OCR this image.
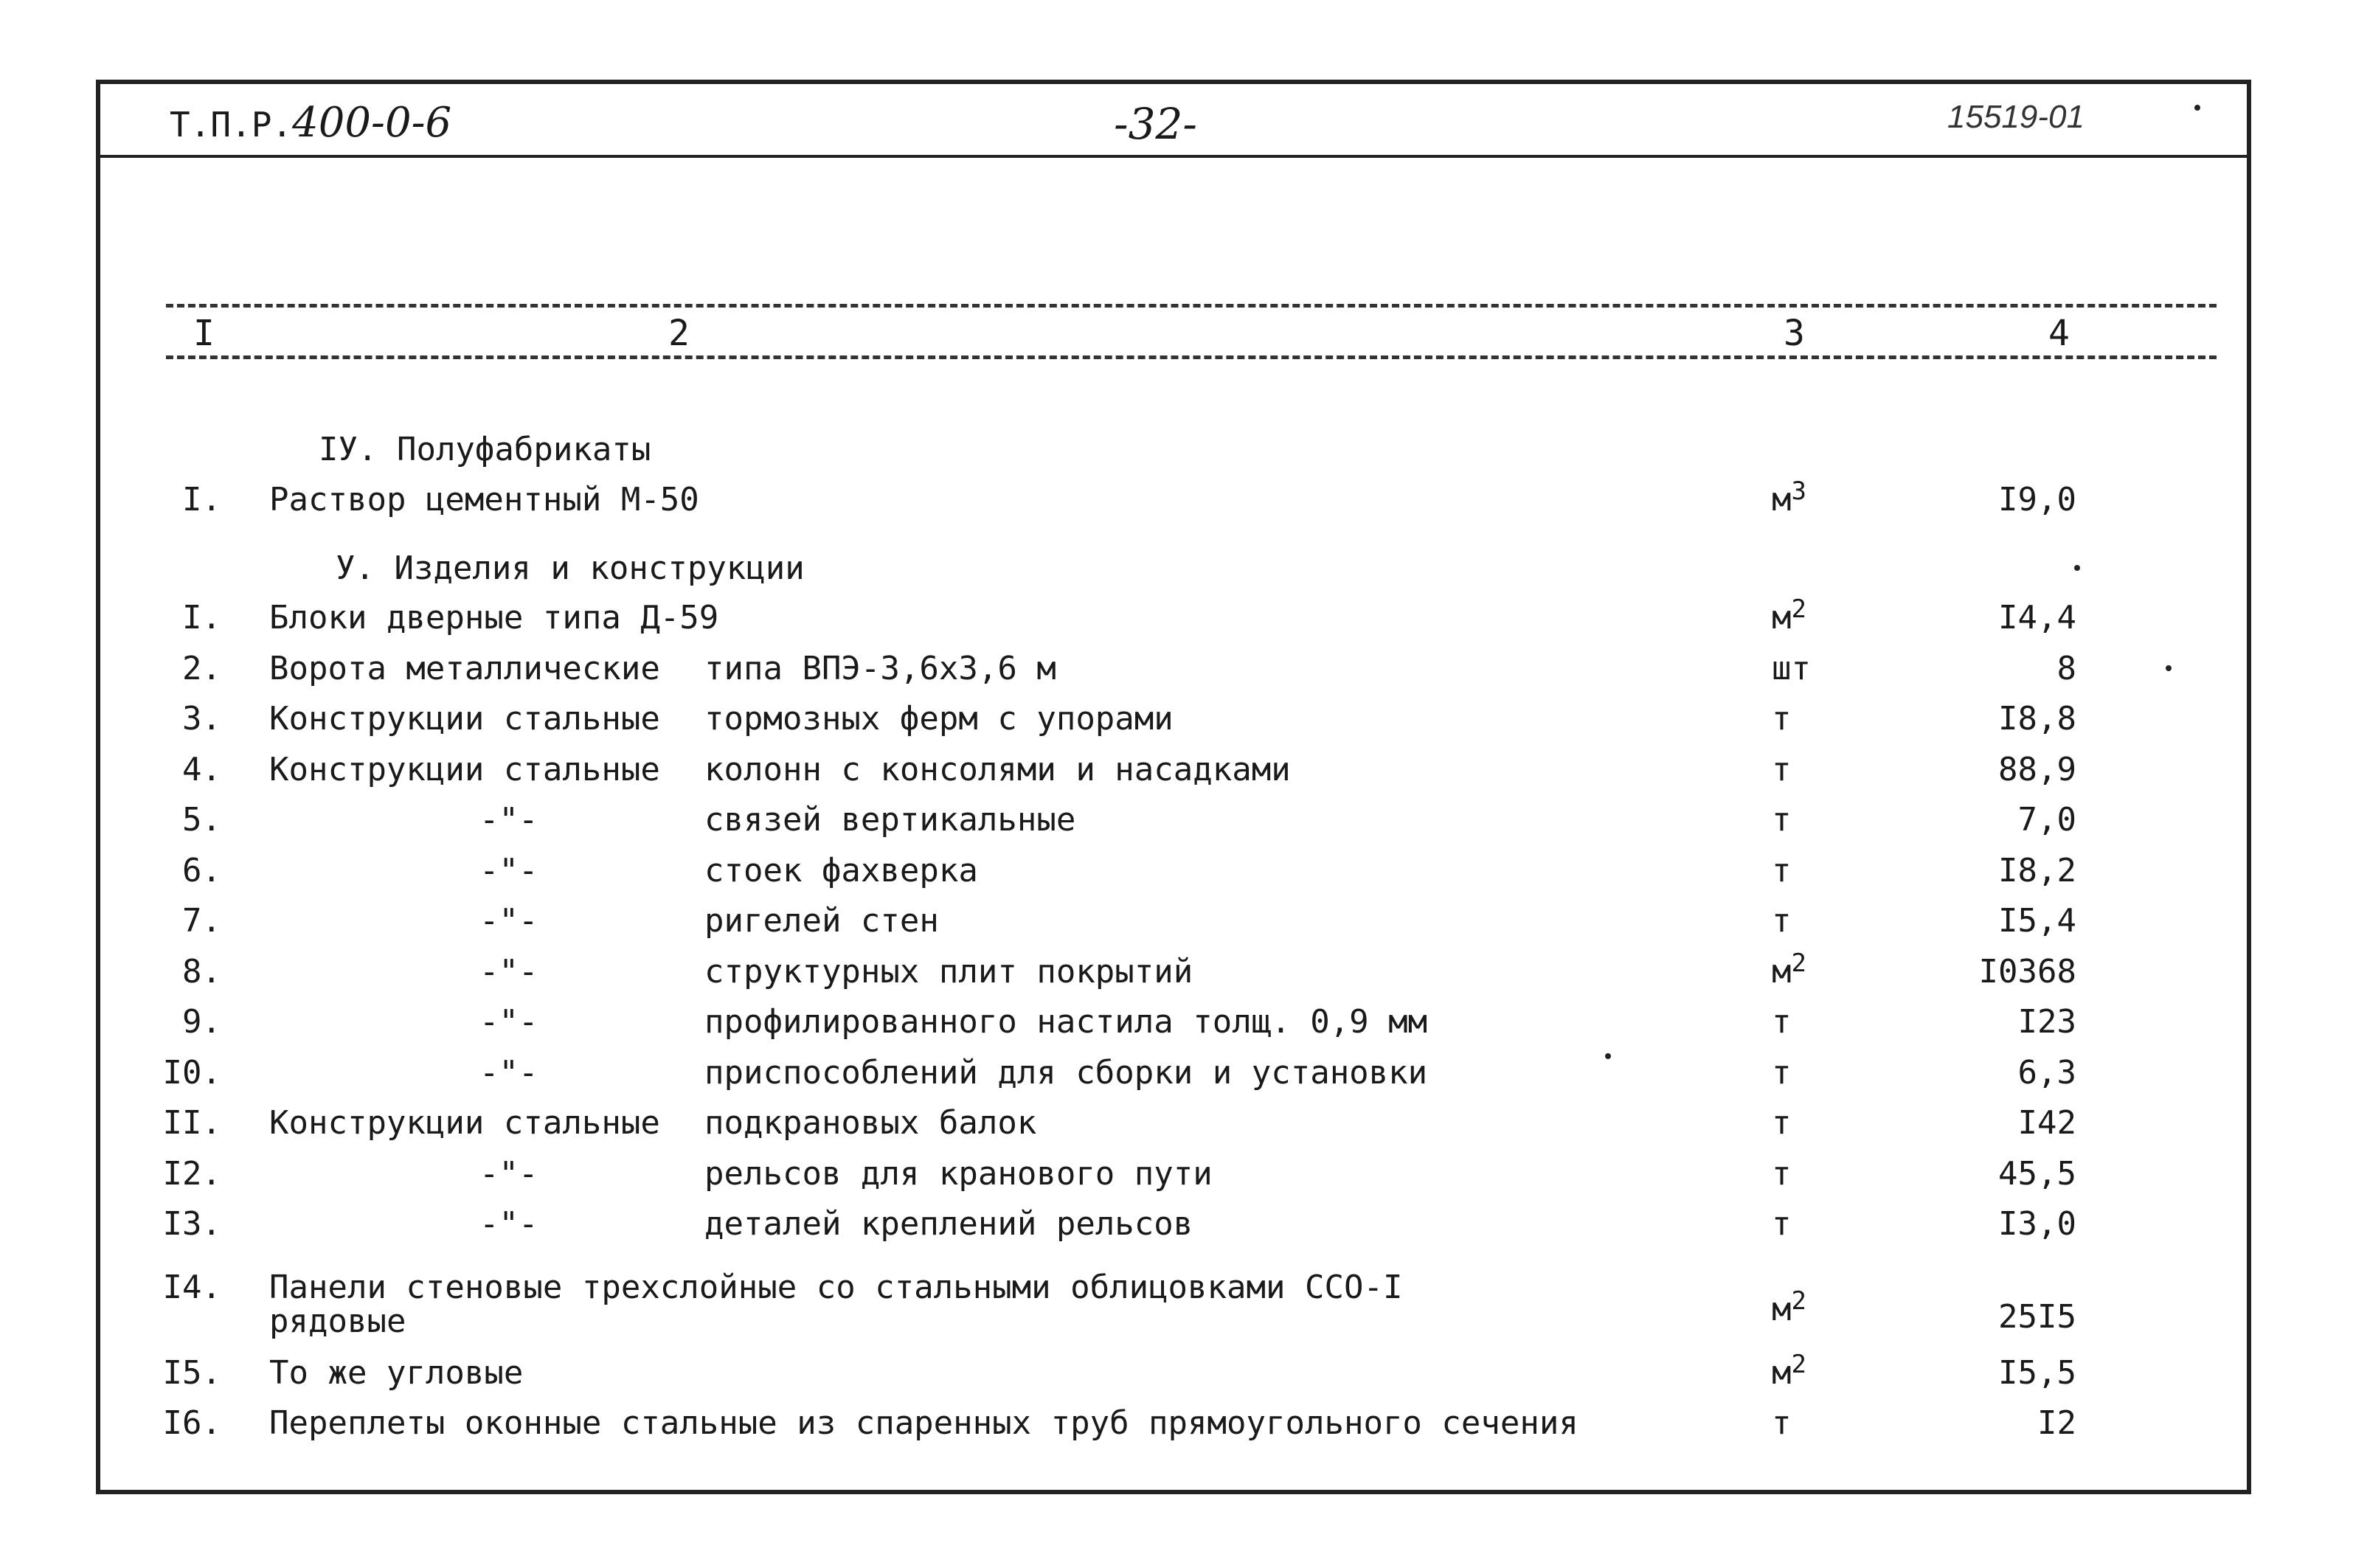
Т.П.Р.400-0-6	-32-	15519-01
I	2	3	4
IУ. Полуфабрикаты
I. Раствор цементный М-50	$м^3$	I9,0
У. Изделия и конструкции
I. Блоки дверные типа Д-59	$м^2$	I4,4
2. Ворота металлические типа ВПЭ-3,6х3,6 м	шт	8
3. Конструкции стальные тормозных ферм с упорами	т	I8,8
4. Конструкции стальные колонн с консолями и насадками	т	88,9
5.	-"-	связей вертикальные	т	7,0
6.	-"-	стоек фахверка	т	I8,2
7.	-"-	ригелей стен	т	I5,4
8.	-"-	структурных плит покрытий	$м^2$	I0368
9.	-"-	профилированного настила толщ. 0,9 мм	т	I23
I0.	-"-	приспособлений для сборки и установки	т	6,3
II. Конструкции стальные подкрановых балок	т	I42
I2.	-"-	рельсов для кранового пути	т	45,5
I3.	-"-	деталей креплений рельсов	т	I3,0
I4. Панели стеновые трехслойные со стальными облицовками ССО-I
рядовые	$м^2$	25I5
I5. То же угловые	$м^2$	I5,5
I6. Переплеты оконные стальные из спаренных труб прямоугольного сечения	т	I2
